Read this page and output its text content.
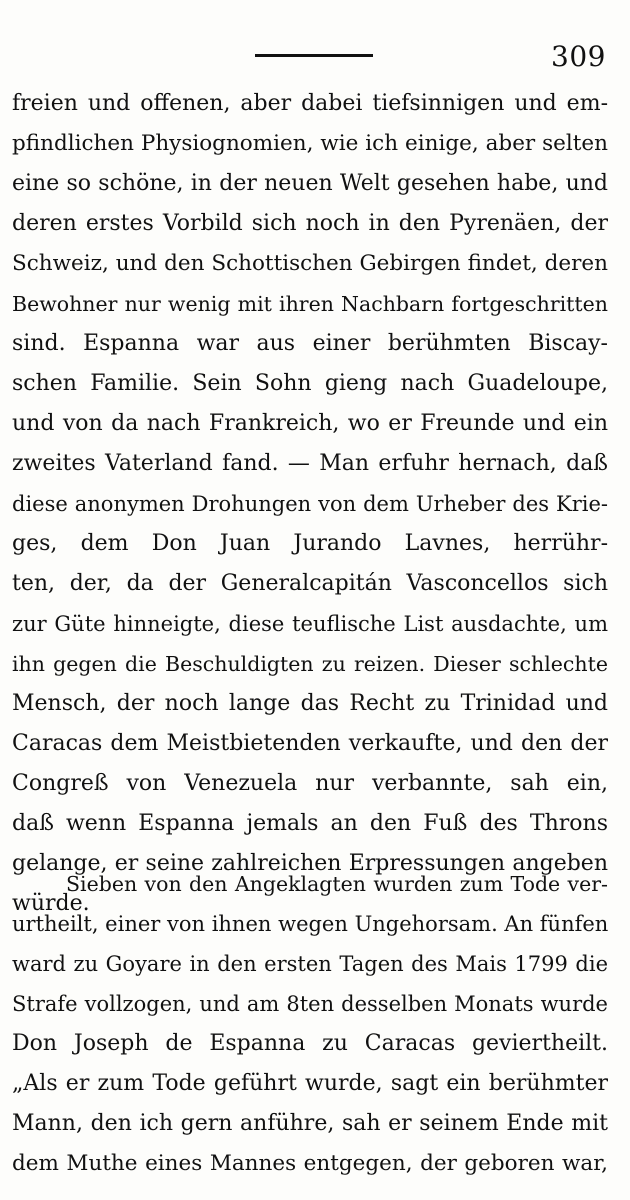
309
freien und offenen, aber dabei tiefsinnigen und em-
pfindlichen Physiognomien, wie ich einige, aber selten
eine so schöne, in der neuen Welt gesehen habe, und
deren erstes Vorbild sich noch in den Pyrenäen, der
Schweiz, und den Schottischen Gebirgen findet, deren
Bewohner nur wenig mit ihren Nachbarn fortgeschritten
sind. Espanna war aus einer berühmten Biscay-
schen Familie. Sein Sohn gieng nach Guadeloupe,
und von da nach Frankreich, wo er Freunde und ein
zweites Vaterland fand. — Man erfuhr hernach, daß
diese anonymen Drohungen von dem Urheber des Krie-
ges, dem Don Juan Jurando Lavnes, herrühr-
ten, der, da der Generalcapitán Vasconcellos sich
zur Güte hinneigte, diese teuflische List ausdachte, um
ihn gegen die Beschuldigten zu reizen. Dieser schlechte
Mensch, der noch lange das Recht zu Trinidad und
Caracas dem Meistbietenden verkaufte, und den der
Congreß von Venezuela nur verbannte, sah ein,
daß wenn Espanna jemals an den Fuß des Throns
gelange, er seine zahlreichen Erpressungen angeben
würde.
Sieben von den Angeklagten wurden zum Tode ver-
urtheilt, einer von ihnen wegen Ungehorsam. An fünfen
ward zu Goyare in den ersten Tagen des Mais 1799 die
Strafe vollzogen, und am 8ten desselben Monats wurde
Don Joseph de Espanna zu Caracas geviertheilt.
„Als er zum Tode geführt wurde, sagt ein berühmter
Mann, den ich gern anführe, sah er seinem Ende mit
dem Muthe eines Mannes entgegen, der geboren war,
